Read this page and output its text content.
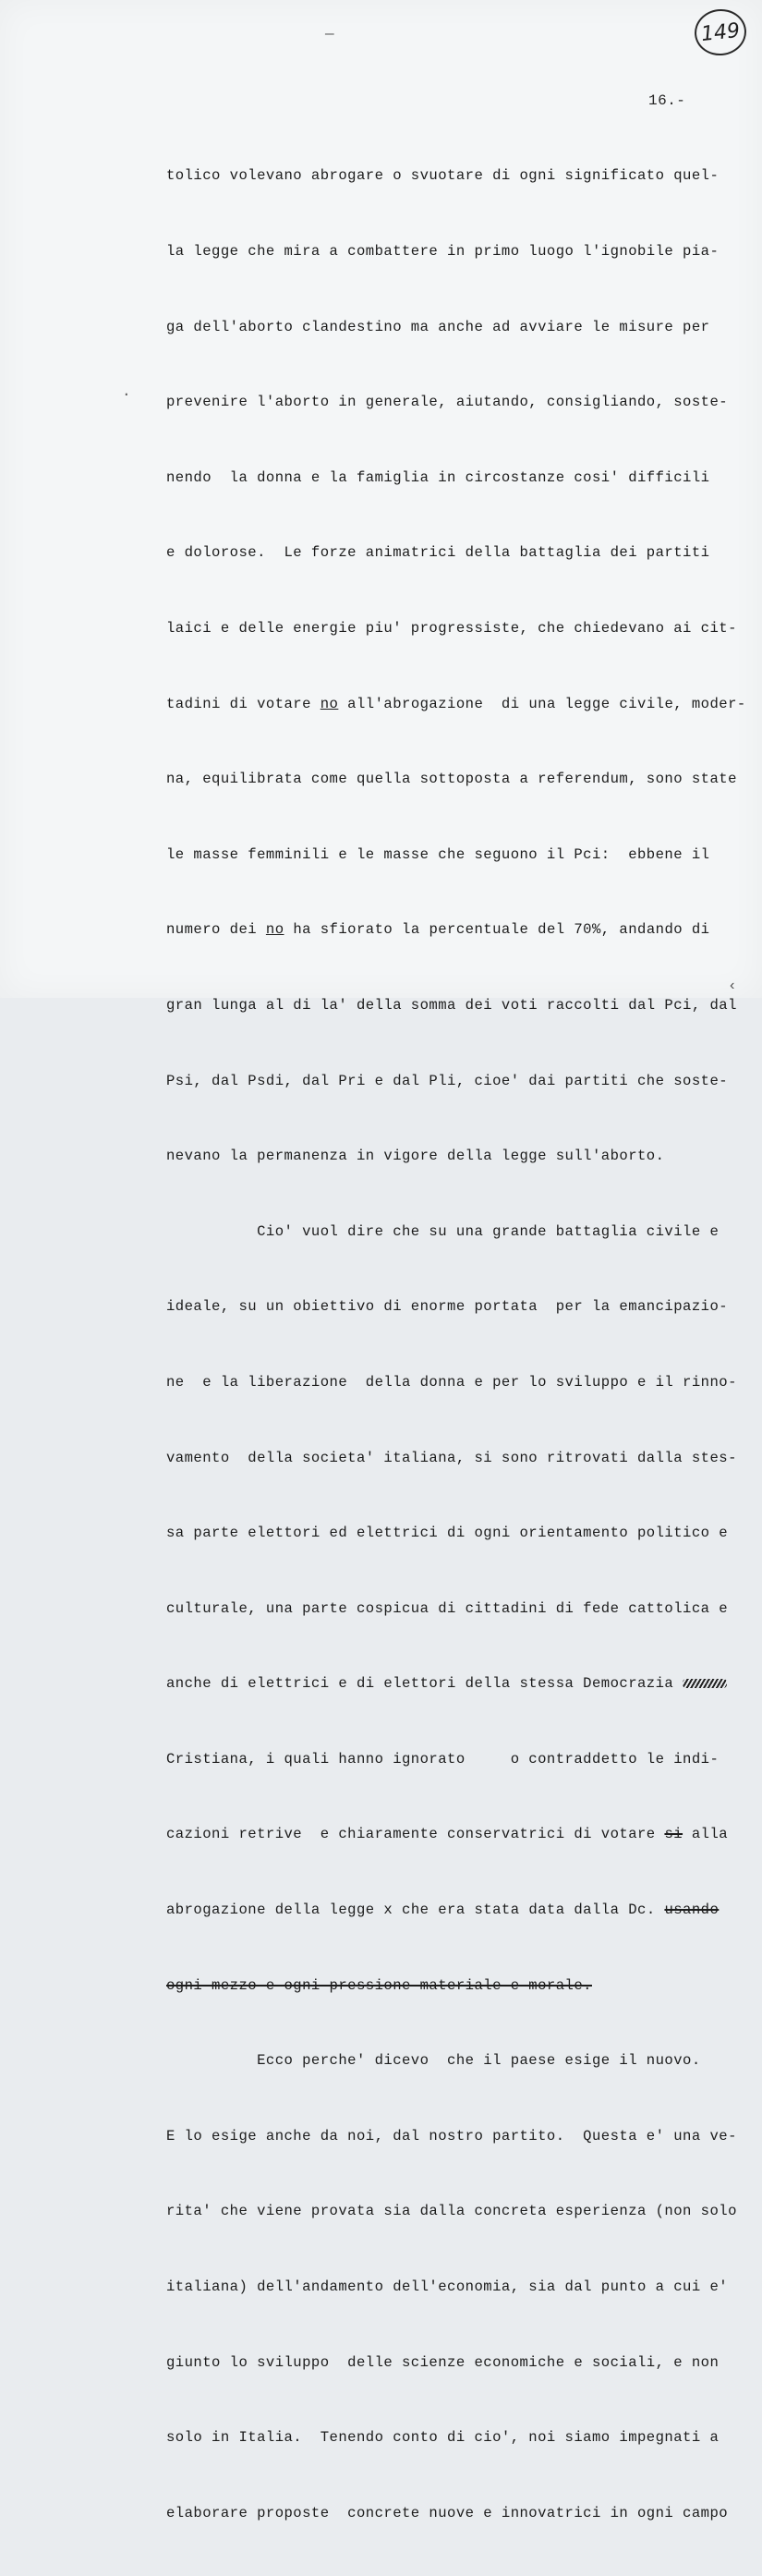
149
—
·
‹
16.-

tolico volevano abrogare o svuotare di ogni significato quel-

la legge che mira a combattere in primo luogo l'ignobile pia-

ga dell'aborto clandestino ma anche ad avviare le misure per

prevenire l'aborto in generale, aiutando, consigliando, soste-

nendo  la donna e la famiglia in circostanze cosi' difficili

e dolorose.  Le forze animatrici della battaglia dei partiti

laici e delle energie piu' progressiste, che chiedevano ai cit-

tadini di votare no all'abrogazione  di una legge civile, moder-

na, equilibrata come quella sottoposta a referendum, sono state

le masse femminili e le masse che seguono il Pci:  ebbene il

numero dei no ha sfiorato la percentuale del 70%, andando di

gran lunga al di la' della somma dei voti raccolti dal Pci, dal

Psi, dal Psdi, dal Pri e dal Pli, cioe' dai partiti che soste-

nevano la permanenza in vigore della legge sull'aborto.

Cio' vuol dire che su una grande battaglia civile e

ideale, su un obiettivo di enorme portata  per la emancipazio-

ne  e la liberazione  della donna e per lo sviluppo e il rinno-

vamento  della societa' italiana, si sono ritrovati dalla stes-

sa parte elettori ed elettrici di ogni orientamento politico e

culturale, una parte cospicua di cittadini di fede cattolica e

anche di elettrici e di elettori della stessa Democrazia

Cristiana, i quali hanno ignorato     o contraddetto le indi-

cazioni retrive  e chiaramente conservatrici di votare si alla

abrogazione della legge x che era stata data dalla Dc. usando

ogni mezzo e ogni pressione materiale e morale.

Ecco perche' dicevo  che il paese esige il nuovo.

E lo esige anche da noi, dal nostro partito.  Questa e' una ve-

rita' che viene provata sia dalla concreta esperienza (non solo

italiana) dell'andamento dell'economia, sia dal punto a cui e'

giunto lo sviluppo  delle scienze economiche e sociali, e non

solo in Italia.  Tenendo conto di cio', noi siamo impegnati a

elaborare proposte  concrete nuove e innovatrici in ogni campo
